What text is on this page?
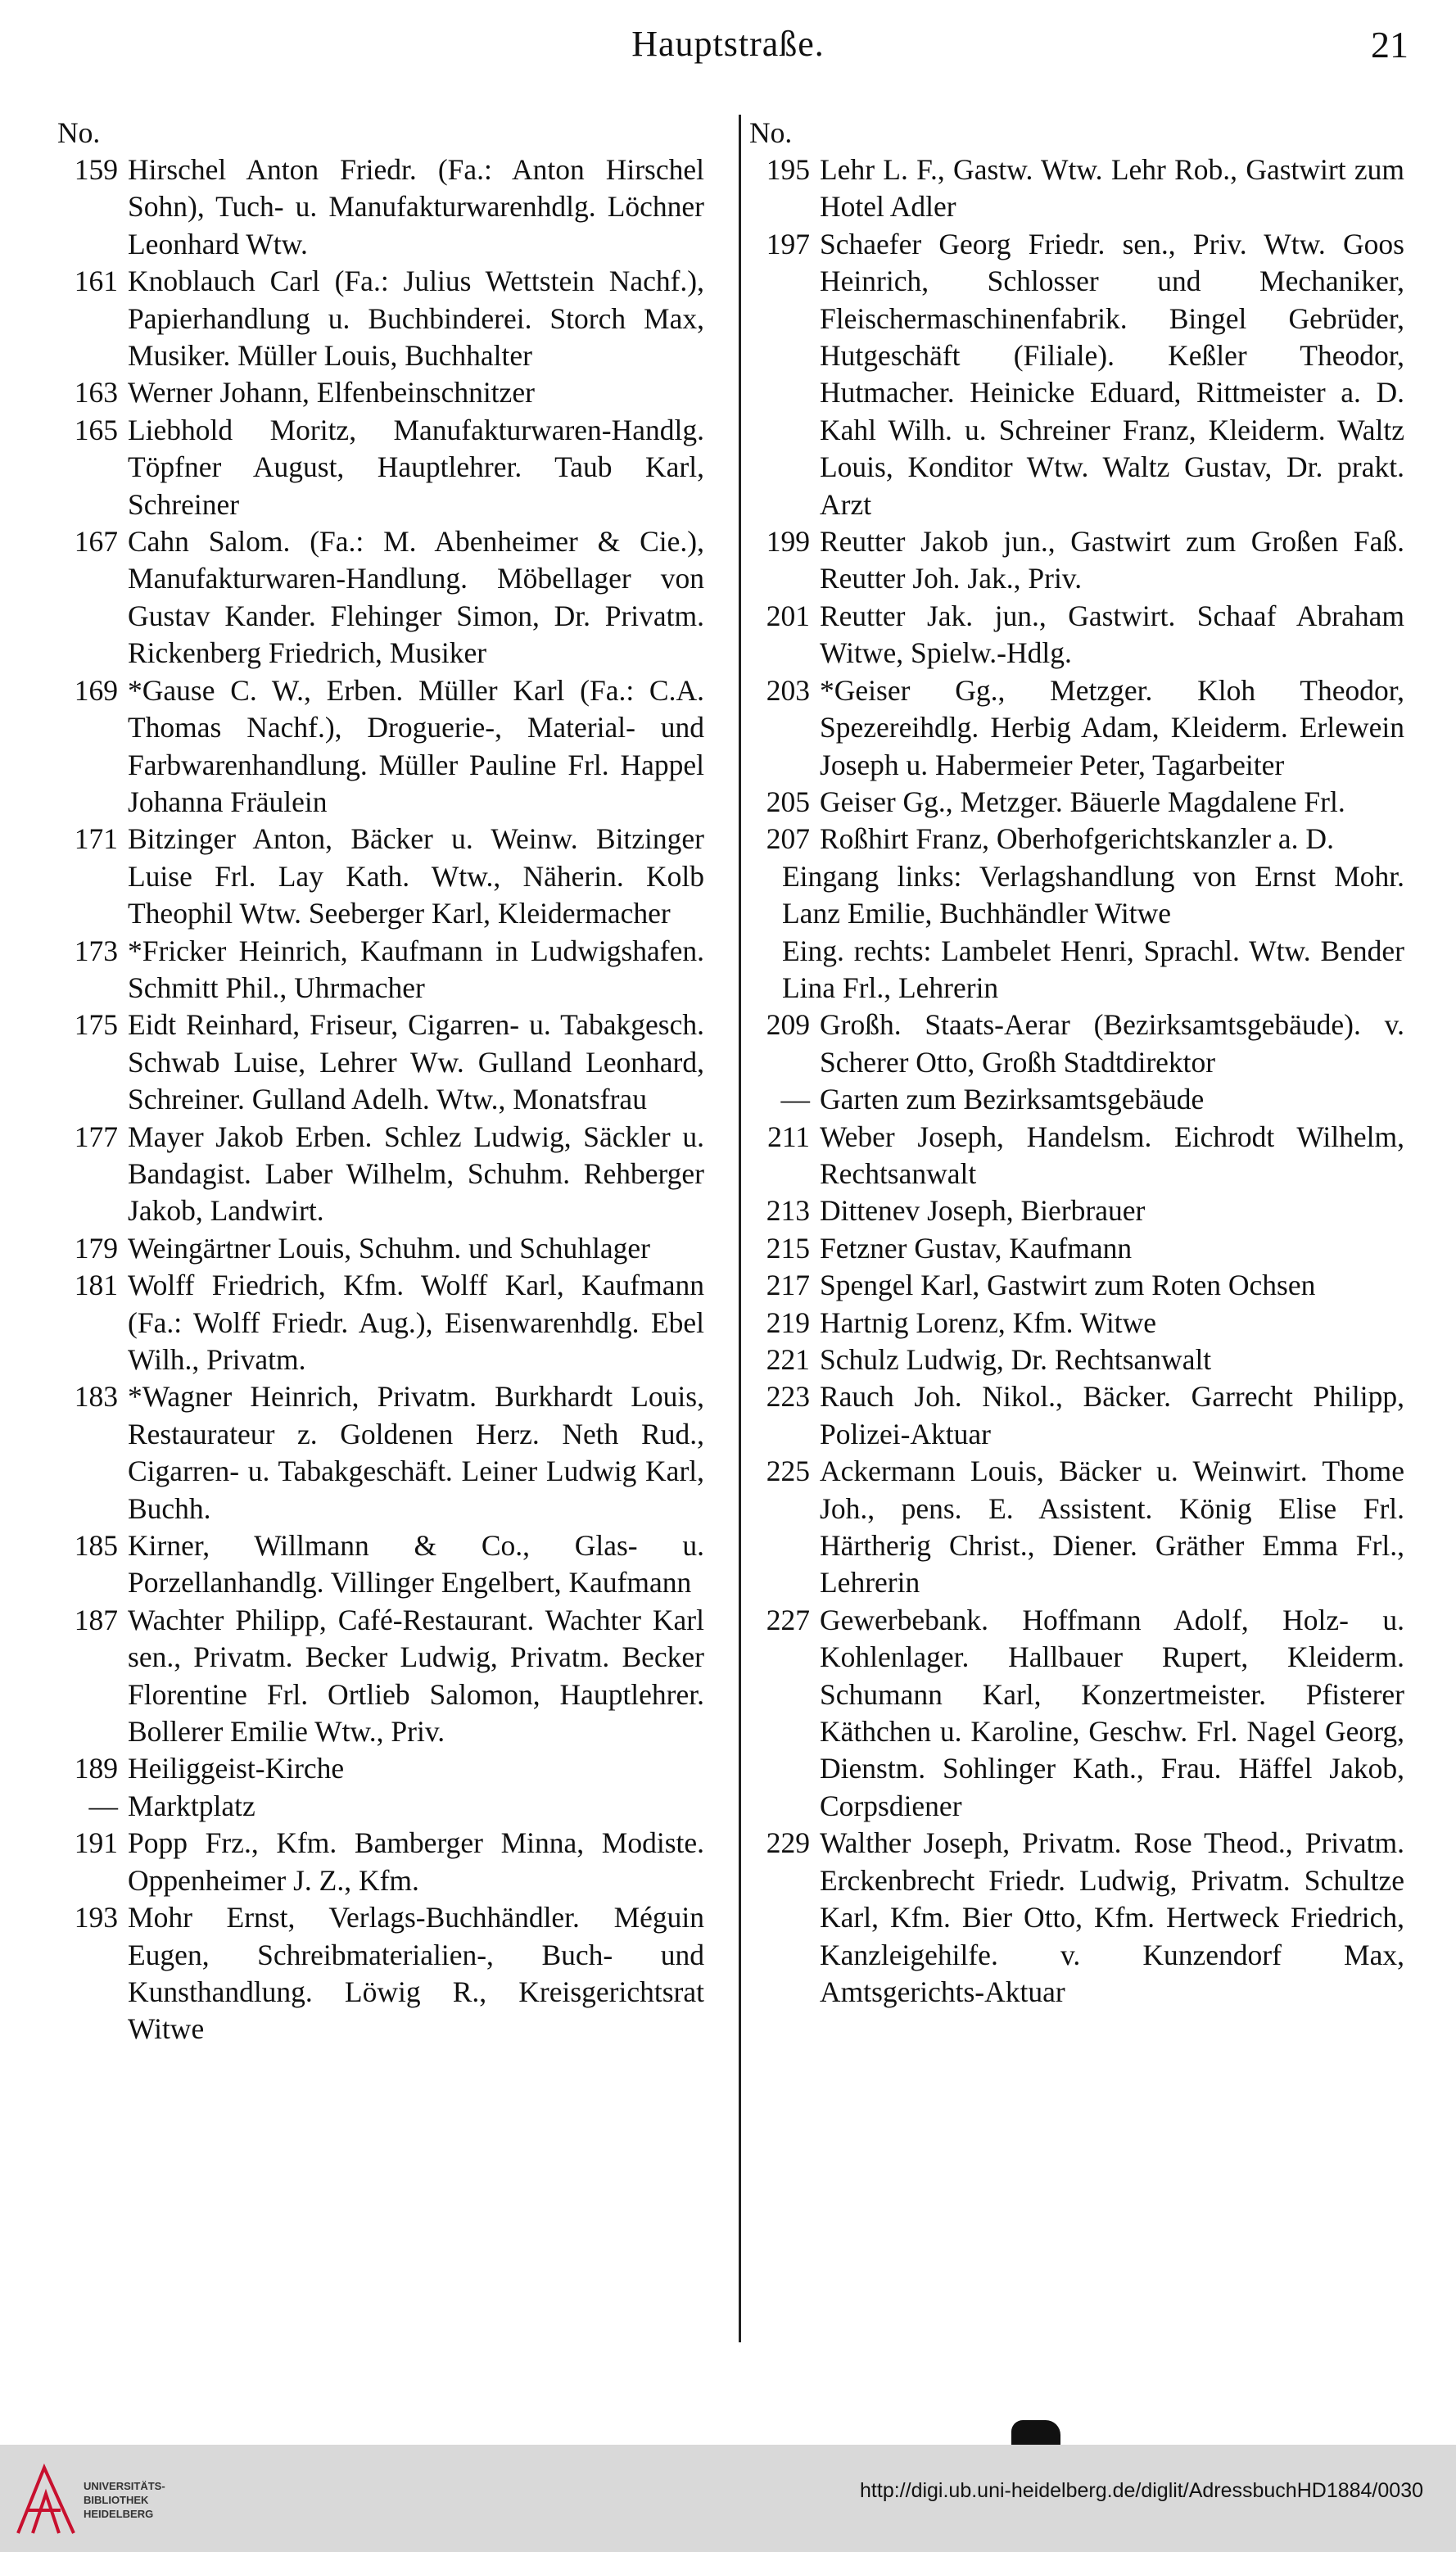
Hauptstraße.	21
No.
159 Hirschel Anton Friedr. (Fa.: Anton Hirschel Sohn), Tuch- u. Manufakturwarenhdlg. Löchner Leonhard Wtw.
161 Knoblauch Carl (Fa.: Julius Wettstein Nachf.), Papierhandlung u. Buchbinderei. Storch Max, Musiker. Müller Louis, Buchhalter
163 Werner Johann, Elfenbeinschnitzer
165 Liebhold Moritz, Manufakturwaren-Handlg. Töpfner August, Hauptlehrer. Taub Karl, Schreiner
167 Cahn Salom. (Fa.: M. Abenheimer & Cie.), Manufakturwaren-Handlung. Möbellager von Gustav Kander. Flehinger Simon, Dr. Privatm. Rickenberg Friedrich, Musiker
169 *Gause C. W., Erben. Müller Karl (Fa.: C.A. Thomas Nachf.), Droguerie-, Material- und Farbwarenhandlung. Müller Pauline Frl. Happel Johanna Fräulein
171 Bitzinger Anton, Bäcker u. Weinw. Bitzinger Luise Frl. Lay Kath. Wtw., Näherin. Kolb Theophil Wtw. Seeberger Karl, Kleidermacher
173 *Fricker Heinrich, Kaufmann in Ludwigshafen. Schmitt Phil., Uhrmacher
175 Eidt Reinhard, Friseur, Cigarren- u. Tabakgesch. Schwab Luise, Lehrer Ww. Gulland Leonhard, Schreiner. Gulland Adelh. Wtw., Monatsfrau
177 Mayer Jakob Erben. Schlez Ludwig, Säckler u. Bandagist. Laber Wilhelm, Schuhm. Rehberger Jakob, Landwirt.
179 Weingärtner Louis, Schuhm. und Schuhlager
181 Wolff Friedrich, Kfm. Wolff Karl, Kaufmann (Fa.: Wolff Friedr. Aug.), Eisenwarenhdlg. Ebel Wilh., Privatm.
183 *Wagner Heinrich, Privatm. Burkhardt Louis, Restaurateur z. Goldenen Herz. Neth Rud., Cigarren- u. Tabakgeschäft. Leiner Ludwig Karl, Buchh.
185 Kirner, Willmann & Co., Glas- u. Porzellanhandlg. Villinger Engelbert, Kaufmann
187 Wachter Philipp, Café-Restaurant. Wachter Karl sen., Privatm. Becker Ludwig, Privatm. Becker Florentine Frl. Ortlieb Salomon, Hauptlehrer. Bollerer Emilie Wtw., Priv.
189 Heiliggeist-Kirche
— Marktplatz
191 Popp Frz., Kfm. Bamberger Minna, Modiste. Oppenheimer J. Z., Kfm.
193 Mohr Ernst, Verlags-Buchhändler. Méguin Eugen, Schreibmaterialien-, Buch- und Kunsthandlung. Löwig R., Kreisgerichtsrat Witwe
No.
195 Lehr L. F., Gastw. Wtw. Lehr Rob., Gastwirt zum Hotel Adler
197 Schaefer Georg Friedr. sen., Priv. Wtw. Goos Heinrich, Schlosser und Mechaniker, Fleischermaschinenfabrik. Bingel Gebrüder, Hutgeschäft (Filiale). Keßler Theodor, Hutmacher. Heinicke Eduard, Rittmeister a. D. Kahl Wilh. u. Schreiner Franz, Kleiderm. Waltz Louis, Konditor Wtw. Waltz Gustav, Dr. prakt. Arzt
199 Reutter Jakob jun., Gastwirt zum Großen Faß. Reutter Joh. Jak., Priv.
201 Reutter Jak. jun., Gastwirt. Schaaf Abraham Witwe, Spielw.-Hdlg.
203 *Geiser Gg., Metzger. Kloh Theodor, Spezereihdlg. Herbig Adam, Kleiderm. Erlewein Joseph u. Habermeier Peter, Tagarbeiter
205 Geiser Gg., Metzger. Bäuerle Magdalene Frl.
207 Roßhirt Franz, Oberhofgerichtskanzler a. D.
Eingang links: Verlagshandlung von Ernst Mohr. Lanz Emilie, Buchhändler Witwe
Eing. rechts: Lambelet Henri, Sprachl. Wtw. Bender Lina Frl., Lehrerin
209 Großh. Staats-Aerar (Bezirksamtsgebäude). v. Scherer Otto, Großh Stadtdirektor
— Garten zum Bezirksamtsgebäude
211 Weber Joseph, Handelsm. Eichrodt Wilhelm, Rechtsanwalt
213 Dittenev Joseph, Bierbrauer
215 Fetzner Gustav, Kaufmann
217 Spengel Karl, Gastwirt zum Roten Ochsen
219 Hartnig Lorenz, Kfm. Witwe
221 Schulz Ludwig, Dr. Rechtsanwalt
223 Rauch Joh. Nikol., Bäcker. Garrecht Philipp, Polizei-Aktuar
225 Ackermann Louis, Bäcker u. Weinwirt. Thome Joh., pens. E. Assistent. König Elise Frl. Härtherig Christ., Diener. Gräther Emma Frl., Lehrerin
227 Gewerbebank. Hoffmann Adolf, Holz- u. Kohlenlager. Hallbauer Rupert, Kleiderm. Schumann Karl, Konzertmeister. Pfisterer Käthchen u. Karoline, Geschw. Frl. Nagel Georg, Dienstm. Sohlinger Kath., Frau. Häffel Jakob, Corpsdiener
229 Walther Joseph, Privatm. Rose Theod., Privatm. Erckenbrecht Friedr. Ludwig, Privatm. Schultze Karl, Kfm. Bier Otto, Kfm. Hertweck Friedrich, Kanzleigehilfe. v. Kunzendorf Max, Amtsgerichts-Aktuar
UNIVERSITÄTS-
BIBLIOTHEK
HEIDELBERG
http://digi.ub.uni-heidelberg.de/diglit/AdressbuchHD1884/0030
